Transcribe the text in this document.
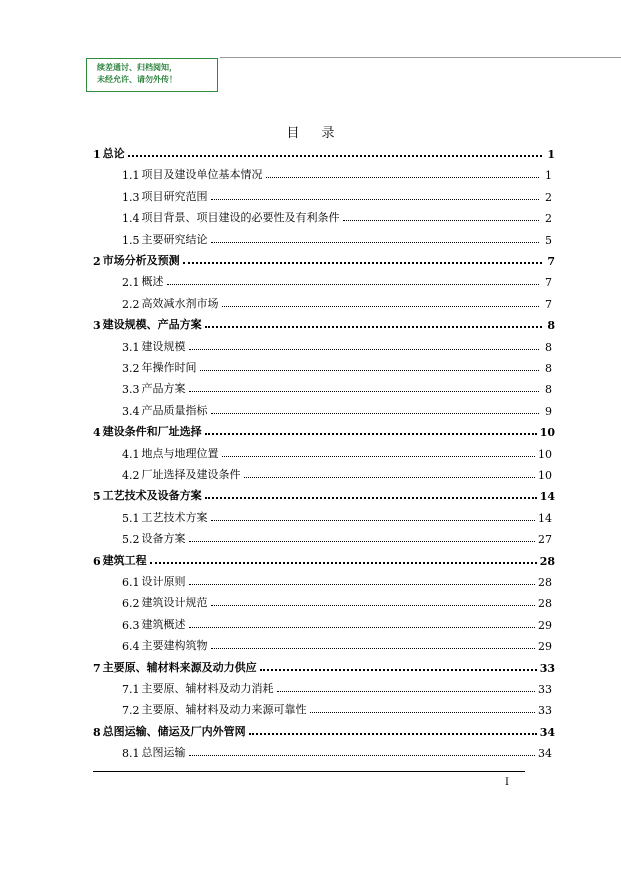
续差通讨、归档阅知，
未经允许、请勿外传！
目录
1 总论	1
1.1 项目及建设单位基本情况	1
1.3 项目研究范围	2
1.4 项目背景、项目建设的必要性及有利条件	2
1.5 主要研究结论	5
2 市场分析及预测	7
2.1 概述	7
2.2 高效减水剂市场	7
3 建设规模、产品方案	8
3.1 建设规模	8
3.2 年操作时间	8
3.3 产品方案	8
3.4 产品质量指标	9
4 建设条件和厂址选择	10
4.1 地点与地理位置	10
4.2 厂址选择及建设条件	10
5 工艺技术及设备方案	14
5.1 工艺技术方案	14
5.2 设备方案	27
6 建筑工程	28
6.1 设计原则	28
6.2 建筑设计规范	28
6.3 建筑概述	29
6.4 主要建构筑物	29
7 主要原、辅材料来源及动力供应	33
7.1 主要原、辅材料及动力消耗	33
7.2 主要原、辅材料及动力来源可靠性	33
8 总图运输、储运及厂内外管网	34
8.1 总图运输	34
I
